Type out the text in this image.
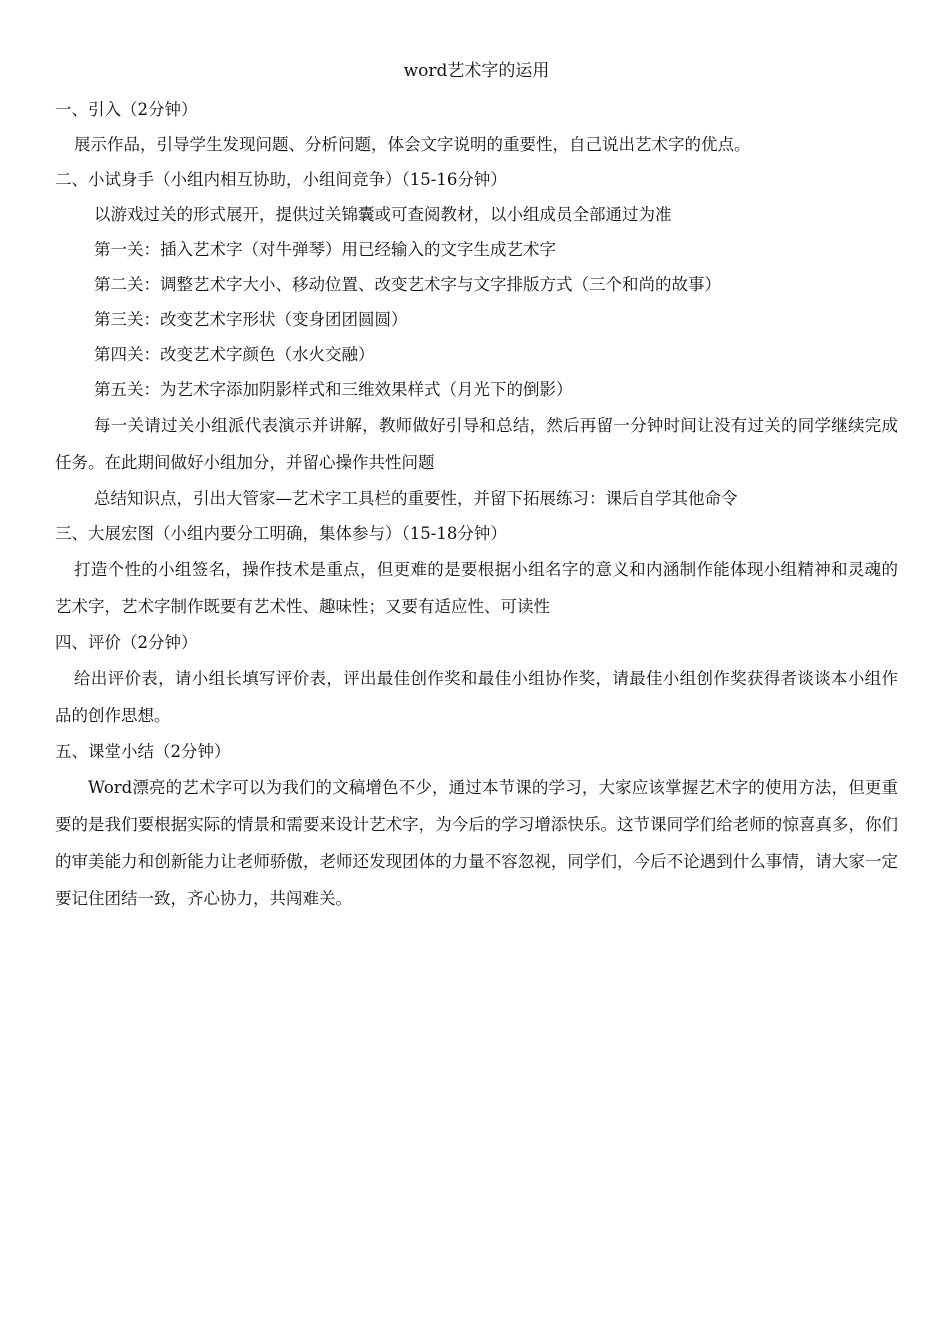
word艺术字的运用

一、引入（2分钟）

展示作品，引导学生发现问题、分析问题，体会文字说明的重要性，自己说出艺术字的优点。

二、小试身手（小组内相互协助，小组间竞争）（15-16分钟）

以游戏过关的形式展开，提供过关锦囊或可查阅教材，以小组成员全部通过为准

第一关：插入艺术字（对牛弹琴）用已经输入的文字生成艺术字

第二关：调整艺术字大小、移动位置、改变艺术字与文字排版方式（三个和尚的故事）

第三关：改变艺术字形状（变身团团圆圆）

第四关：改变艺术字颜色（水火交融）

第五关：为艺术字添加阴影样式和三维效果样式（月光下的倒影）

每一关请过关小组派代表演示并讲解，教师做好引导和总结，然后再留一分钟时间让没有过关的同学继续完成任务。在此期间做好小组加分，并留心操作共性问题

总结知识点，引出大管家—艺术字工具栏的重要性，并留下拓展练习：课后自学其他命令

三、大展宏图（小组内要分工明确，集体参与）（15-18分钟）

打造个性的小组签名，操作技术是重点，但更难的是要根据小组名字的意义和内涵制作能体现小组精神和灵魂的艺术字，艺术字制作既要有艺术性、趣味性；又要有适应性、可读性

四、评价（2分钟）

给出评价表，请小组长填写评价表，评出最佳创作奖和最佳小组协作奖，请最佳小组创作奖获得者谈谈本小组作品的创作思想。

五、课堂小结（2分钟）

Word漂亮的艺术字可以为我们的文稿增色不少，通过本节课的学习，大家应该掌握艺术字的使用方法，但更重要的是我们要根据实际的情景和需要来设计艺术字，为今后的学习增添快乐。这节课同学们给老师的惊喜真多，你们的审美能力和创新能力让老师骄傲，老师还发现团体的力量不容忽视，同学们，今后不论遇到什么事情，请大家一定要记住团结一致，齐心协力，共闯难关。
